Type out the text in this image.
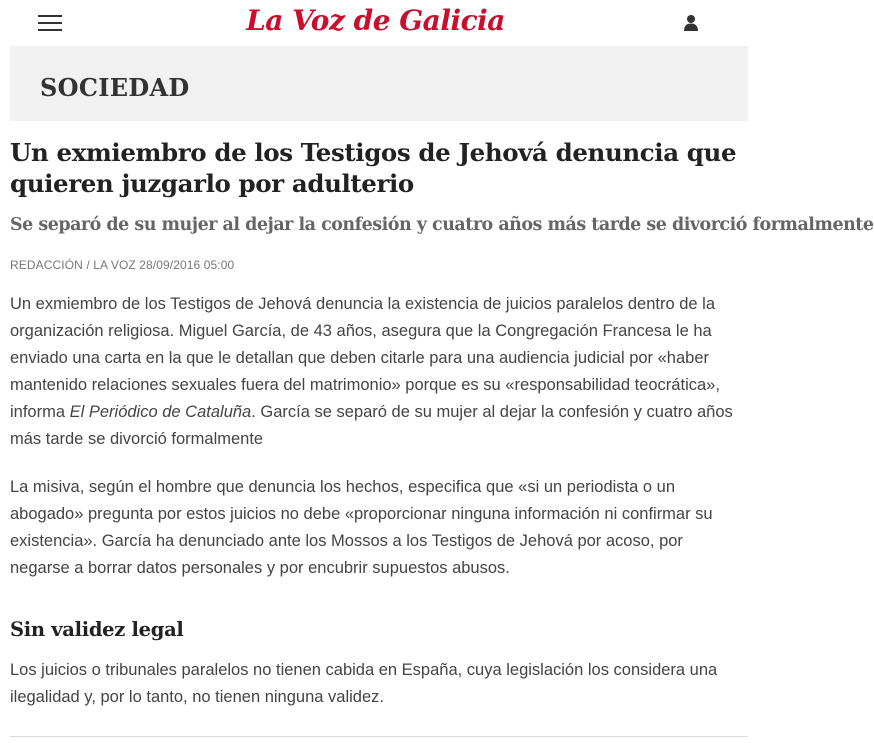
La Voz de Galicia
SOCIEDAD
Un exmiembro de los Testigos de Jehová denuncia que quieren juzgarlo por adulterio
Se separó de su mujer al dejar la confesión y cuatro años más tarde se divorció formalmente
REDACCIÓN / LA VOZ 28/09/2016 05:00

Un exmiembro de los Testigos de Jehová denuncia la existencia de juicios paralelos dentro de la organización religiosa. Miguel García, de 43 años, asegura que la Congregación Francesa le ha enviado una carta en la que le detallan que deben citarle para una audiencia judicial por «haber mantenido relaciones sexuales fuera del matrimonio» porque es su «responsabilidad teocrática», informa El Periódico de Cataluña. García se separó de su mujer al dejar la confesión y cuatro años más tarde se divorció formalmente

La misiva, según el hombre que denuncia los hechos, especifica que «si un periodista o un abogado» pregunta por estos juicios no debe «proporcionar ninguna información ni confirmar su existencia». García ha denunciado ante los Mossos a los Testigos de Jehová por acoso, por negarse a borrar datos personales y por encubrir supuestos abusos.

Sin validez legal

Los juicios o tribunales paralelos no tienen cabida en España, cuya legislación los considera una ilegalidad y, por lo tanto, no tienen ninguna validez.
